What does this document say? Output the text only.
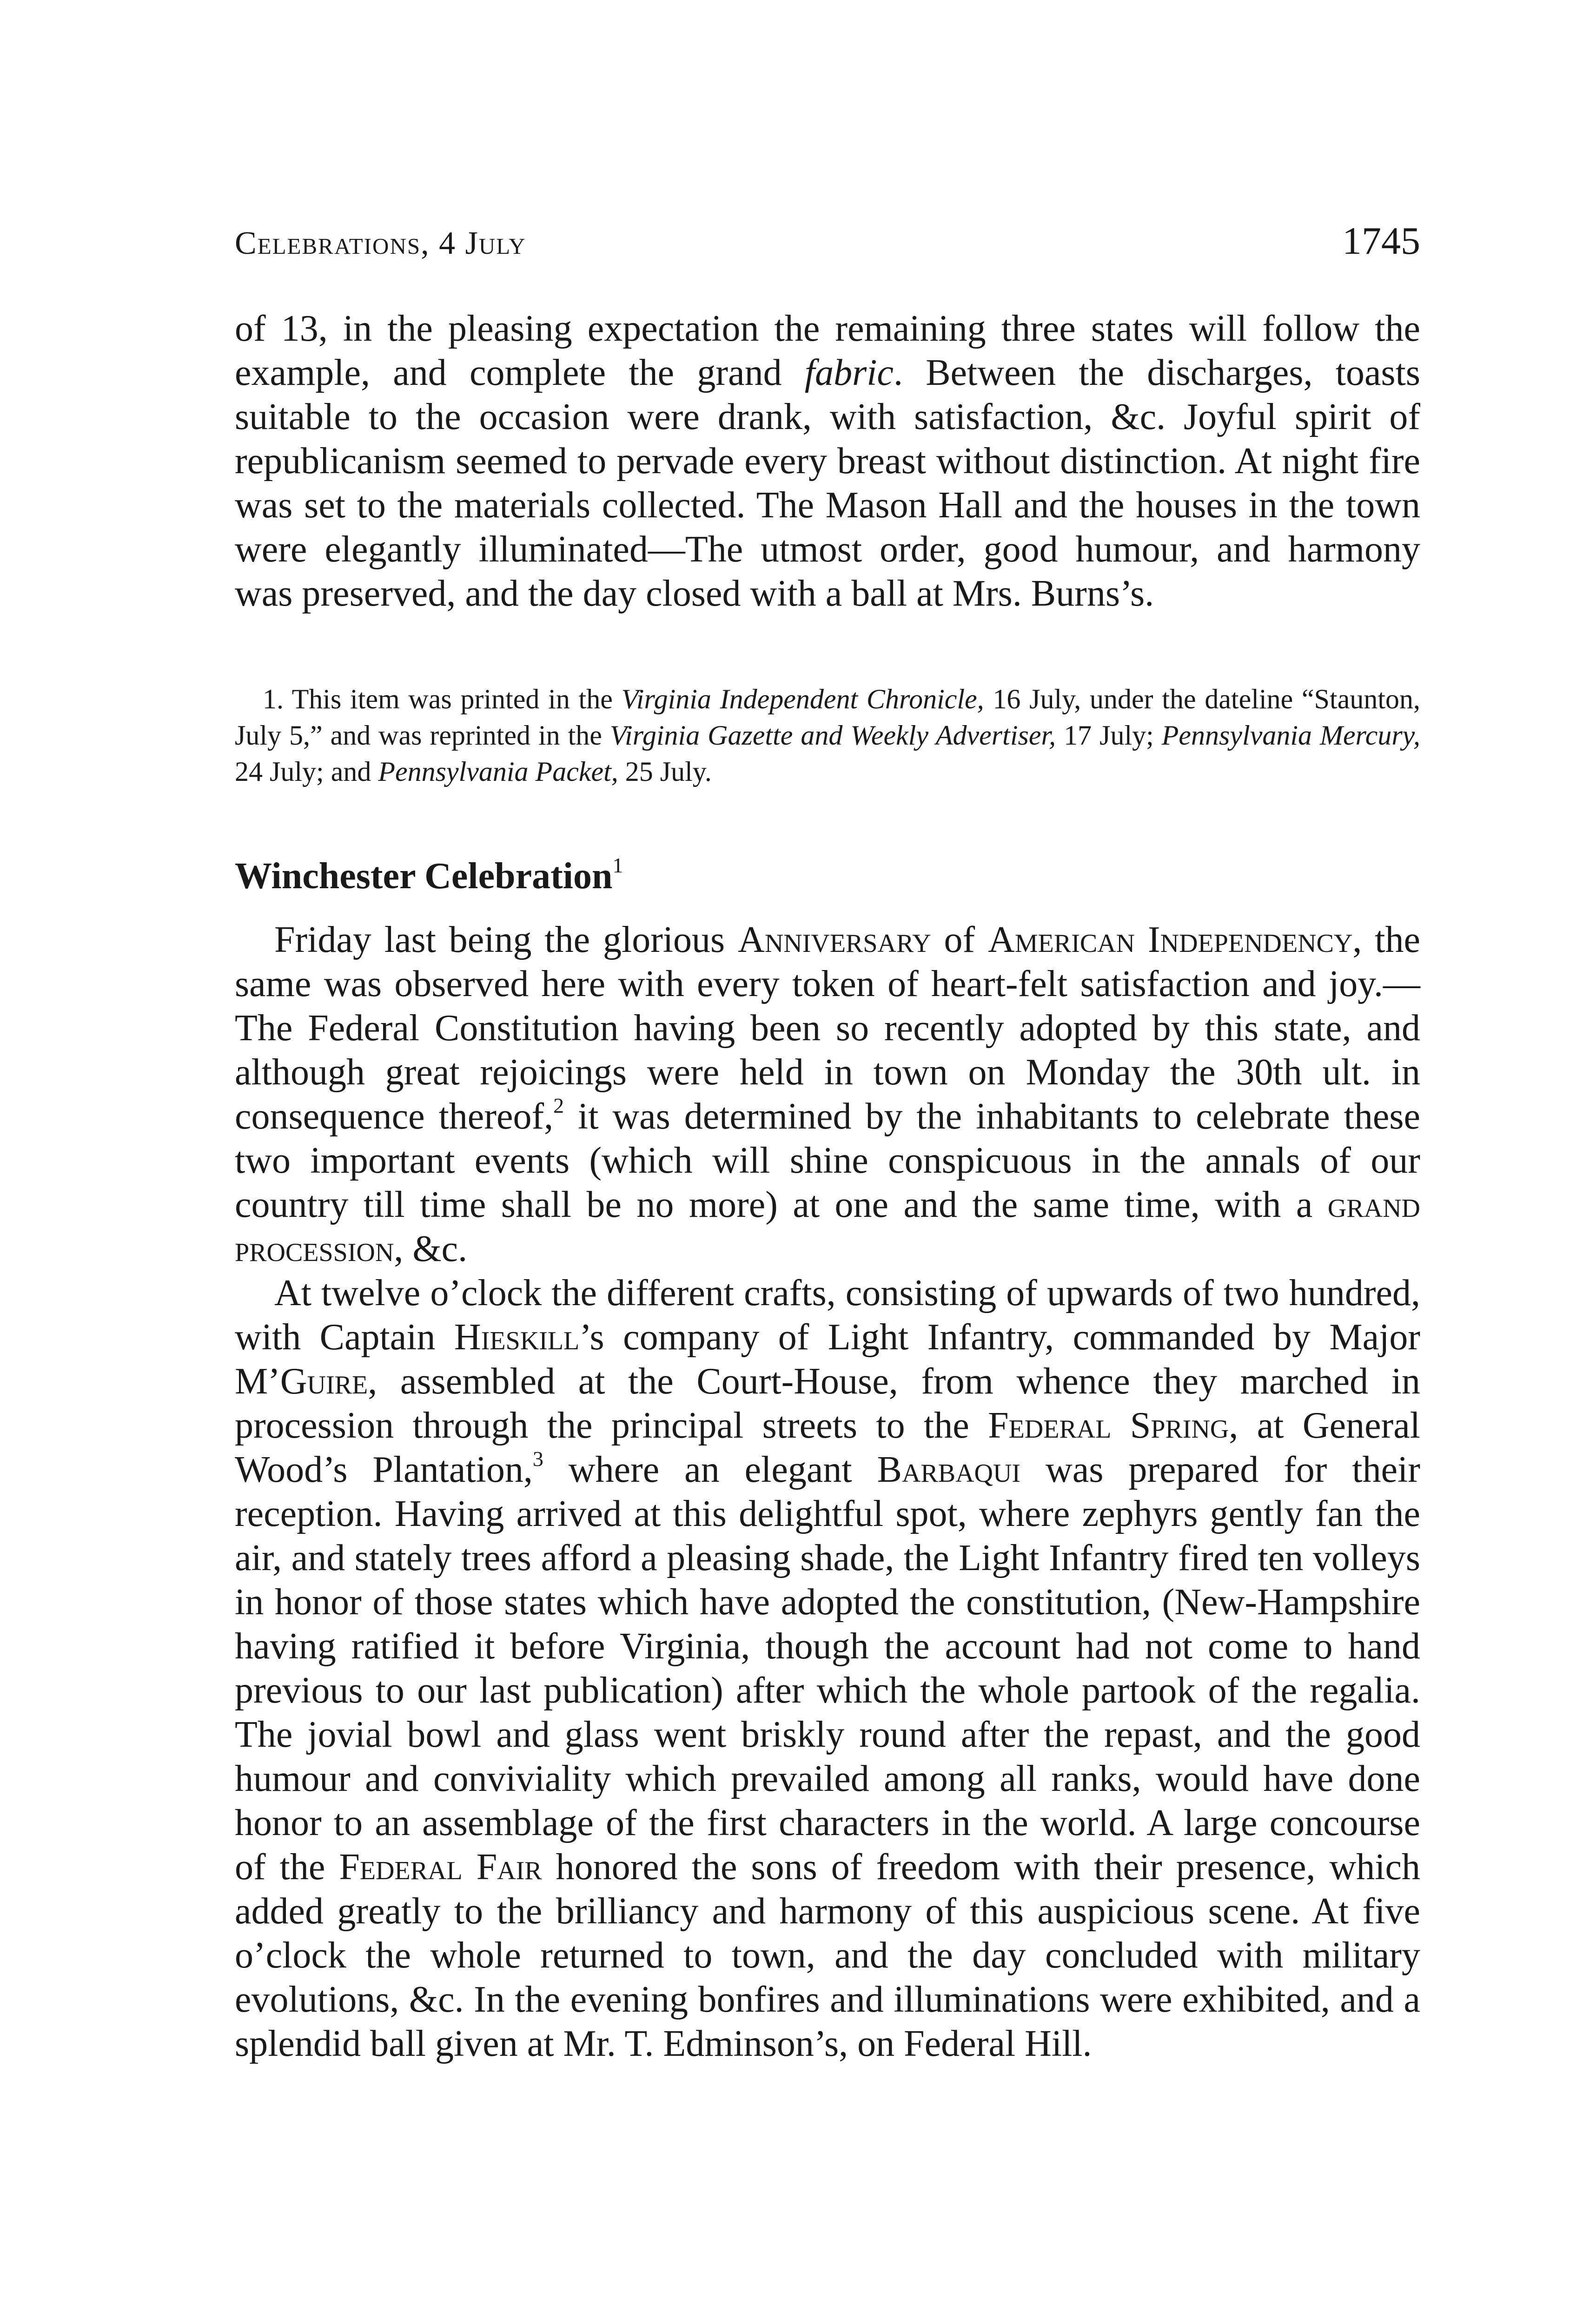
Celebrations, 4 July	1745

of 13, in the pleasing expectation the remaining three states will follow the example, and complete the grand fabric. Between the discharges, toasts suitable to the occasion were drank, with satisfaction, &c. Joyful spirit of republicanism seemed to pervade every breast without distinction. At night fire was set to the materials collected. The Mason Hall and the houses in the town were elegantly illuminated—The utmost order, good humour, and harmony was preserved, and the day closed with a ball at Mrs. Burns’s.

1. This item was printed in the Virginia Independent Chronicle, 16 July, under the dateline “Staunton, July 5,” and was reprinted in the Virginia Gazette and Weekly Advertiser, 17 July; Pennsylvania Mercury, 24 July; and Pennsylvania Packet, 25 July.

Winchester Celebration$^1$

Friday last being the glorious Anniversary of American Independency, the same was observed here with every token of heart-felt satisfaction and joy.—The Federal Constitution having been so recently adopted by this state, and although great rejoicings were held in town on Monday the 30th ult. in consequence thereof,$^2$ it was determined by the inhabitants to celebrate these two important events (which will shine conspicuous in the annals of our country till time shall be no more) at one and the same time, with a grand procession, &c.

At twelve o’clock the different crafts, consisting of upwards of two hundred, with Captain Hieskill’s company of Light Infantry, commanded by Major M’Guire, assembled at the Court-House, from whence they marched in procession through the principal streets to the Federal Spring, at General Wood’s Plantation,$^3$ where an elegant Barbaqui was prepared for their reception. Having arrived at this delightful spot, where zephyrs gently fan the air, and stately trees afford a pleasing shade, the Light Infantry fired ten volleys in honor of those states which have adopted the constitution, (New-Hampshire having ratified it before Virginia, though the account had not come to hand previous to our last publication) after which the whole partook of the regalia. The jovial bowl and glass went briskly round after the repast, and the good humour and conviviality which prevailed among all ranks, would have done honor to an assemblage of the first characters in the world. A large concourse of the Federal Fair honored the sons of freedom with their presence, which added greatly to the brilliancy and harmony of this auspicious scene. At five o’clock the whole returned to town, and the day concluded with military evolutions, &c. In the evening bonfires and illuminations were exhibited, and a splendid ball given at Mr. T. Edminson’s, on Federal Hill.
